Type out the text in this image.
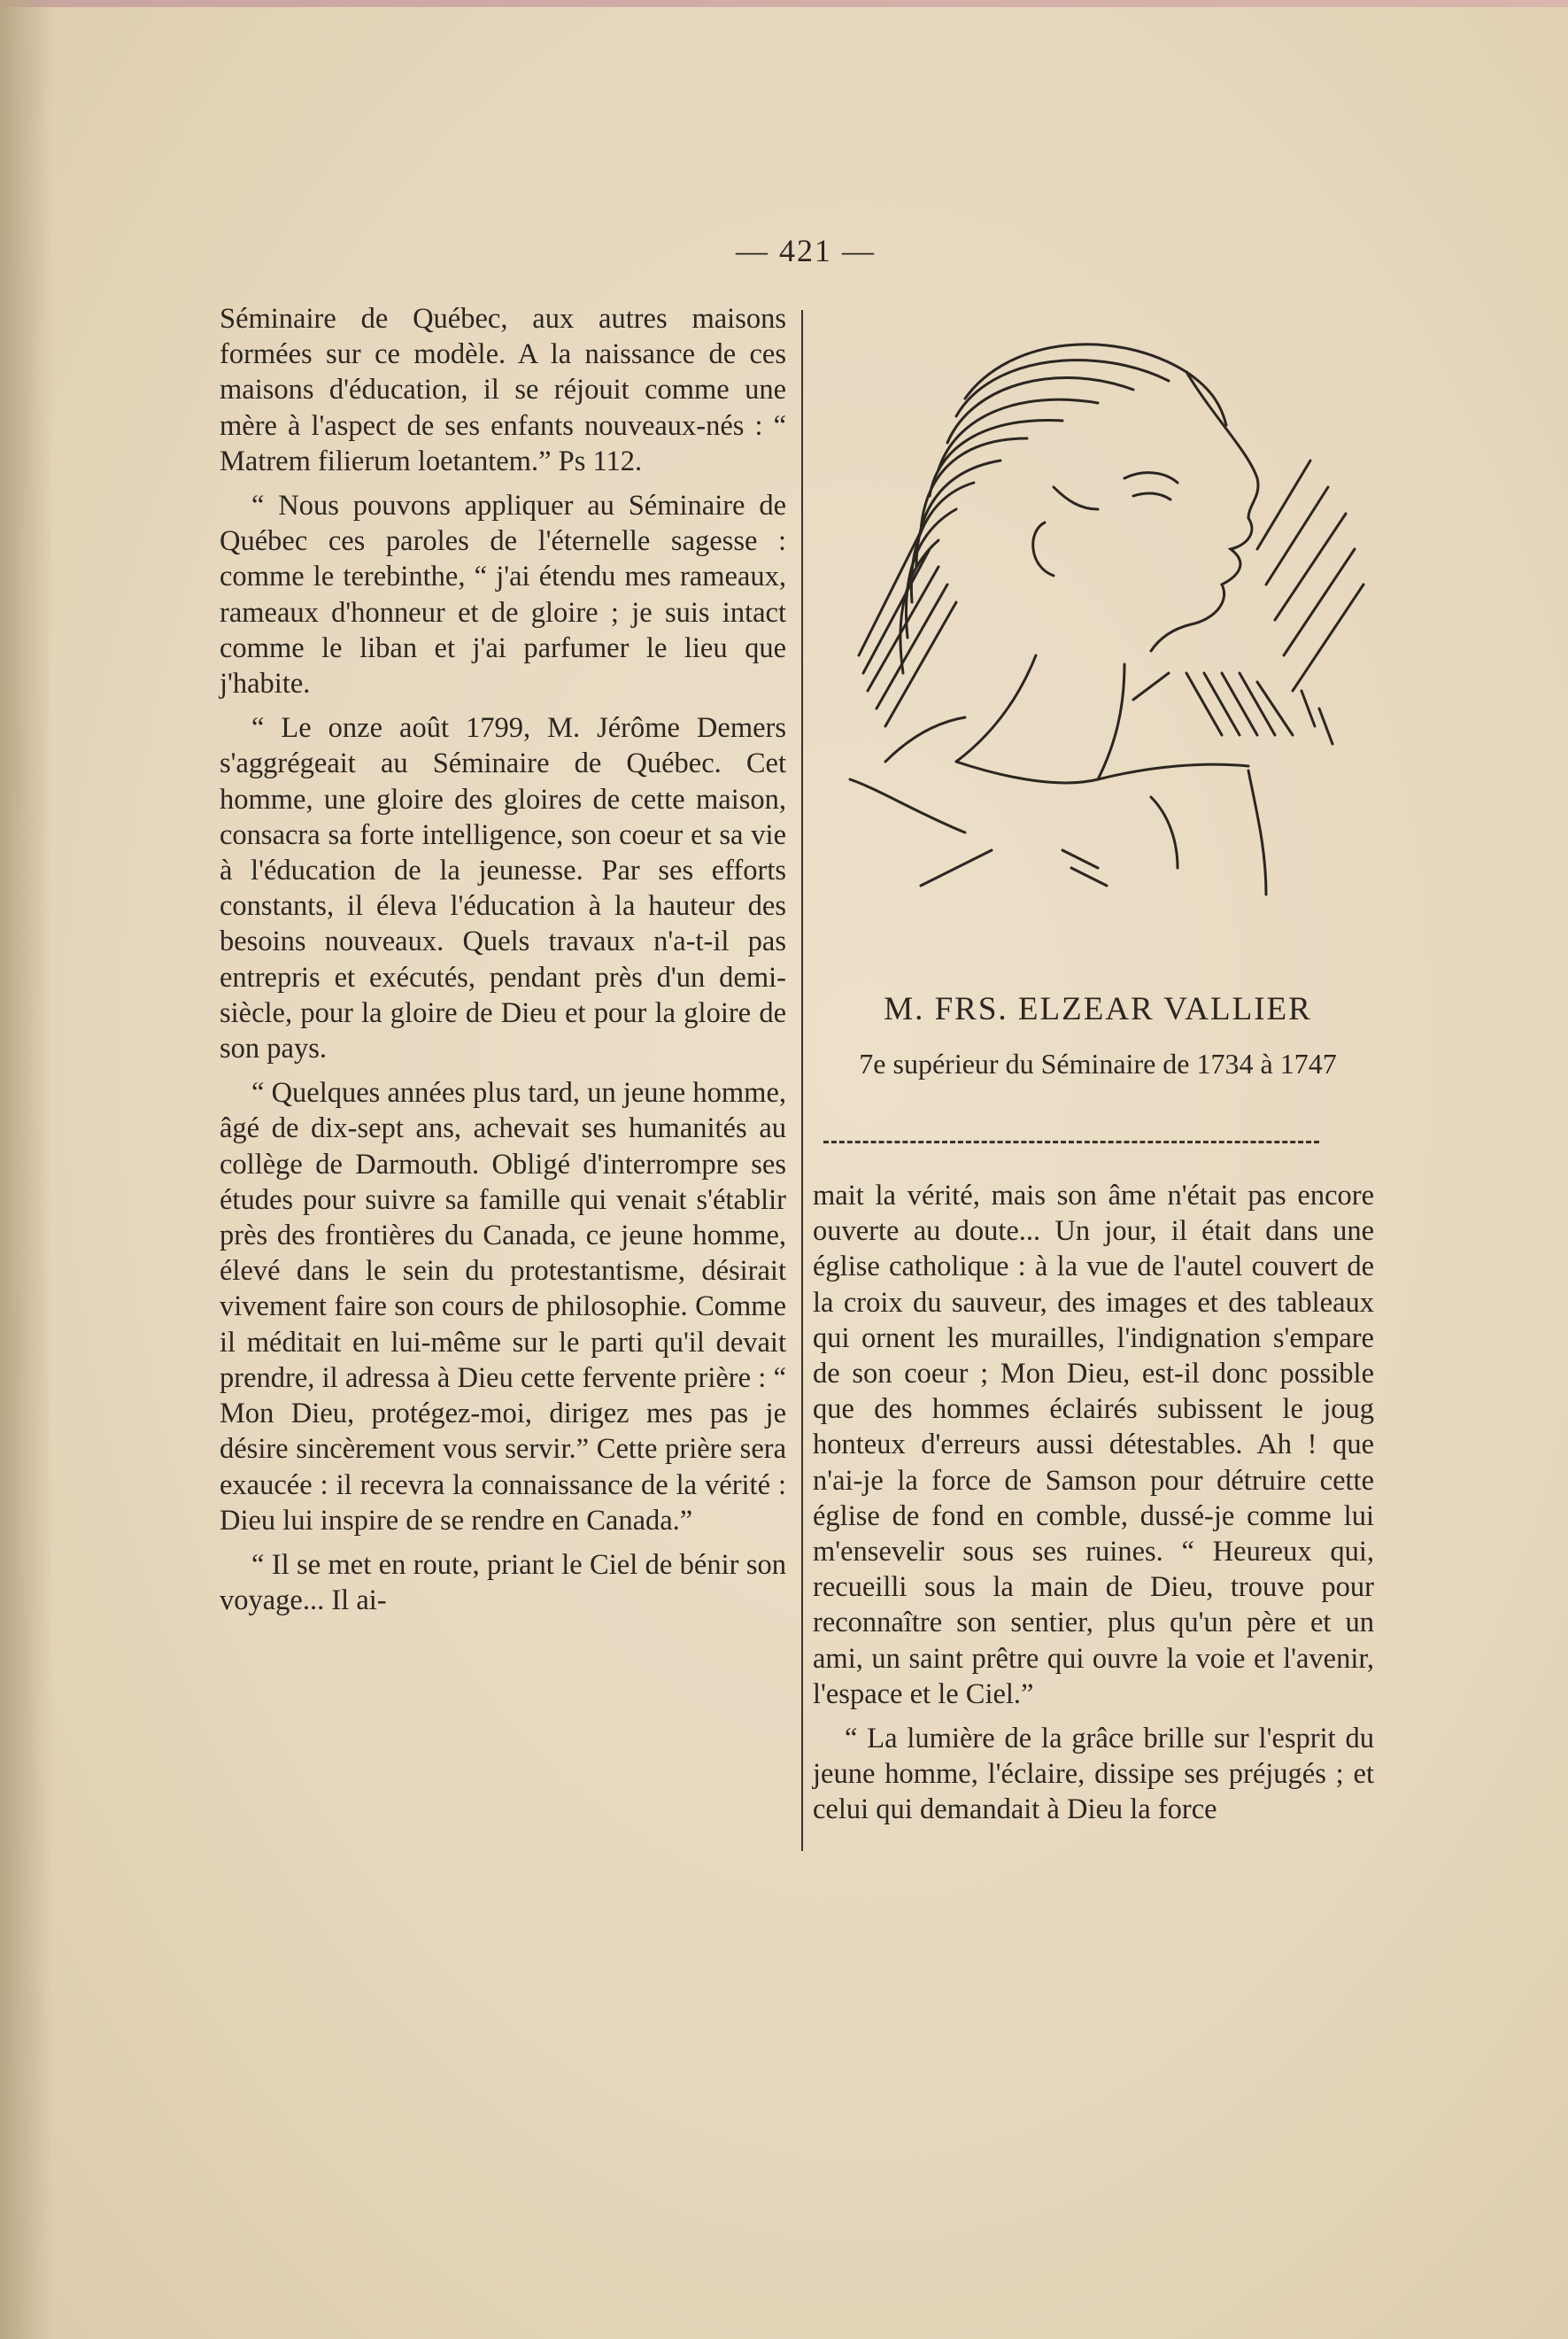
— 421 —

Séminaire de Québec, aux autres maisons formées sur ce modèle. A la naissance de ces maisons d'éducation, il se réjouit comme une mère à l'aspect de ses enfants nouveaux-nés : “ Matrem filierum loetantem.” Ps 112.

“ Nous pouvons appliquer au Séminaire de Québec ces paroles de l'éternelle sagesse : comme le terebinthe, “ j'ai étendu mes rameaux, rameaux d'honneur et de gloire ; je suis intact comme le liban et j'ai parfumer le lieu que j'habite.

“ Le onze août 1799, M. Jérôme Demers s'aggrégeait au Séminaire de Québec. Cet homme, une gloire des gloires de cette maison, consacra sa forte intelligence, son coeur et sa vie à l'éducation de la jeunesse. Par ses efforts constants, il éleva l'éducation à la hauteur des besoins nouveaux. Quels travaux n'a-t-il pas entrepris et exécutés, pendant près d'un demi-siècle, pour la gloire de Dieu et pour la gloire de son pays.

“ Quelques années plus tard, un jeune homme, âgé de dix-sept ans, achevait ses humanités au collège de Darmouth. Obligé d'interrompre ses études pour suivre sa famille qui venait s'établir près des frontières du Canada, ce jeune homme, élevé dans le sein du protestantisme, désirait vivement faire son cours de philosophie. Comme il méditait en lui-même sur le parti qu'il devait prendre, il adressa à Dieu cette fervente prière : “ Mon Dieu, protégez-moi, dirigez mes pas je désire sincèrement vous servir.” Cette prière sera exaucée : il recevra la connaissance de la vérité : Dieu lui inspire de se rendre en Canada.”

“ Il se met en route, priant le Ciel de bénir son voyage... Il ai-

M. FRS. ELZEAR VALLIER
7e supérieur du Séminaire de 1734 à 1747

mait la vérité, mais son âme n'était pas encore ouverte au doute... Un jour, il était dans une église catholique : à la vue de l'autel couvert de la croix du sauveur, des images et des tableaux qui ornent les murailles, l'indignation s'empare de son coeur ; Mon Dieu, est-il donc possible que des hommes éclairés subissent le joug honteux d'erreurs aussi détestables. Ah ! que n'ai-je la force de Samson pour détruire cette église de fond en comble, dussé-je comme lui m'ensevelir sous ses ruines. “ Heureux qui, recueilli sous la main de Dieu, trouve pour reconnaître son sentier, plus qu'un père et un ami, un saint prêtre qui ouvre la voie et l'avenir, l'espace et le Ciel.”

“ La lumière de la grâce brille sur l'esprit du jeune homme, l'éclaire, dissipe ses préjugés ; et celui qui demandait à Dieu la force
